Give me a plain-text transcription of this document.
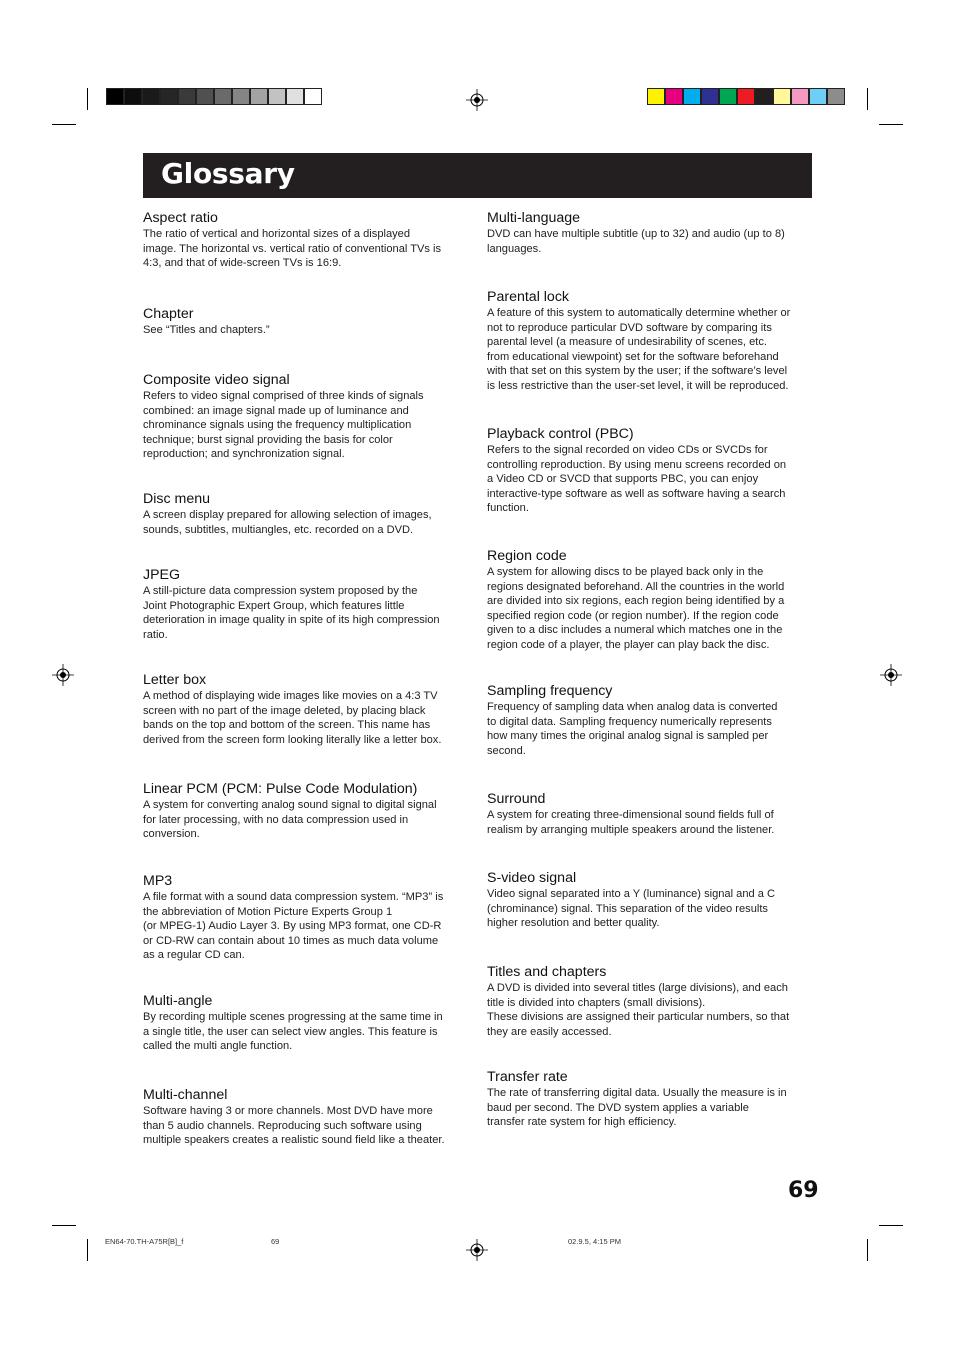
Glossary
Aspect ratio
The ratio of vertical and horizontal sizes of a displayed
image. The horizontal vs. vertical ratio of conventional TVs is
4:3, and that of wide-screen TVs is 16:9.
Chapter
See “Titles and chapters.”
Composite video signal
Refers to video signal comprised of three kinds of signals
combined: an image signal made up of luminance and
chrominance signals using the frequency multiplication
technique; burst signal providing the basis for color
reproduction; and synchronization signal.
Disc menu
A screen display prepared for allowing selection of images,
sounds, subtitles, multiangles, etc. recorded on a DVD.
JPEG
A still-picture data compression system proposed by the
Joint Photographic Expert Group, which features little
deterioration in image quality in spite of its high compression
ratio.
Letter box
A method of displaying wide images like movies on a 4:3 TV
screen with no part of the image deleted, by placing black
bands on the top and bottom of the screen. This name has
derived from the screen form looking literally like a letter box.
Linear PCM (PCM: Pulse Code Modulation)
A system for converting analog sound signal to digital signal
for later processing, with no data compression used in
conversion.
MP3
A file format with a sound data compression system. “MP3” is
the abbreviation of Motion Picture Experts Group 1
(or MPEG-1) Audio Layer 3. By using MP3 format, one CD-R
or CD-RW can contain about 10 times as much data volume
as a regular CD can.
Multi-angle
By recording multiple scenes progressing at the same time in
a single title, the user can select view angles. This feature is
called the multi angle function.
Multi-channel
Software having 3 or more channels. Most DVD have more
than 5 audio channels. Reproducing such software using
multiple speakers creates a realistic sound field like a theater.
Multi-language
DVD can have multiple subtitle (up to 32) and audio (up to 8)
languages.
Parental lock
A feature of this system to automatically determine whether or
not to reproduce particular DVD software by comparing its
parental level (a measure of undesirability of scenes, etc.
from educational viewpoint) set for the software beforehand
with that set on this system by the user; if the software’s level
is less restrictive than the user-set level, it will be reproduced.
Playback control (PBC)
Refers to the signal recorded on video CDs or SVCDs for
controlling reproduction. By using menu screens recorded on
a Video CD or SVCD that supports PBC, you can enjoy
interactive-type software as well as software having a search
function.
Region code
A system for allowing discs to be played back only in the
regions designated beforehand. All the countries in the world
are divided into six regions, each region being identified by a
specified region code (or region number). If the region code
given to a disc includes a numeral which matches one in the
region code of a player, the player can play back the disc.
Sampling frequency
Frequency of sampling data when analog data is converted
to digital data. Sampling frequency numerically represents
how many times the original analog signal is sampled per
second.
Surround
A system for creating three-dimensional sound fields full of
realism by arranging multiple speakers around the listener.
S-video signal
Video signal separated into a Y (luminance) signal and a C
(chrominance) signal. This separation of the video results
higher resolution and better quality.
Titles and chapters
A DVD is divided into several titles (large divisions), and each
title is divided into chapters (small divisions).
These divisions are assigned their particular numbers, so that
they are easily accessed.
Transfer rate
The rate of transferring digital data. Usually the measure is in
baud per second. The DVD system applies a variable
transfer rate system for high efficiency.
69
EN64-70.TH-A75R[B]_f	69	02.9.5, 4:15 PM
